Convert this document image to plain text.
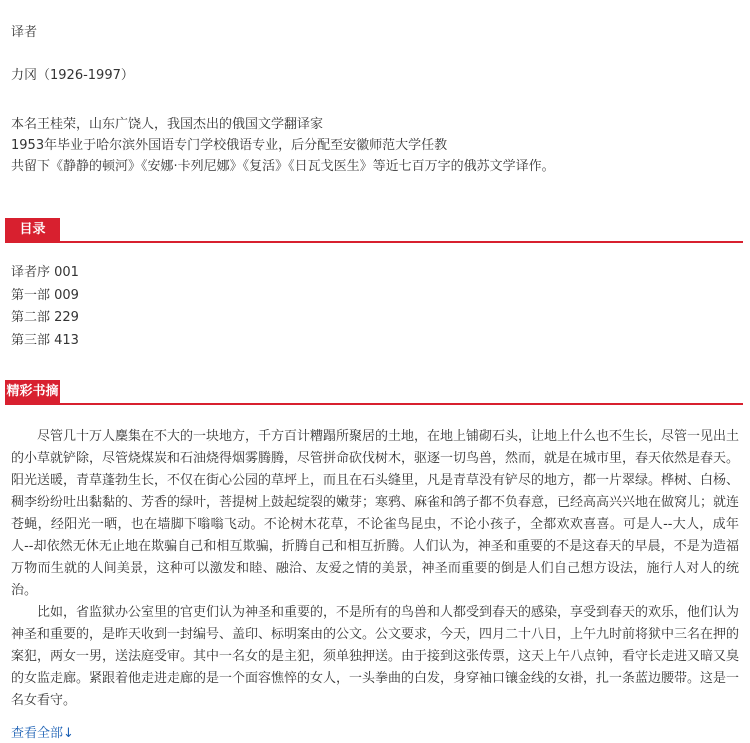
译者
力冈（1926-1997）
本名王桂荣，山东广饶人，我国杰出的俄国文学翻译家
1953年毕业于哈尔滨外国语专门学校俄语专业，后分配至安徽师范大学任教
共留下《静静的顿河》《安娜·卡列尼娜》《复活》《日瓦戈医生》等近七百万字的俄苏文学译作。
目录
译者序 001
第一部 009
第二部 229
第三部 413
精彩书摘

尽管几十万人麇集在不大的一块地方，千方百计糟蹋所聚居的土地，在地上铺砌石头，让地上什么也不生长，尽管一见出土的小草就铲除，尽管烧煤炭和石油烧得烟雾腾腾，尽管拼命砍伐树木，驱逐一切鸟兽，然而，就是在城市里，春天依然是春天。阳光送暖，青草蓬勃生长，不仅在街心公园的草坪上，而且在石头缝里，凡是青草没有铲尽的地方，都一片翠绿。桦树、白杨、稠李纷纷吐出黏黏的、芳香的绿叶，菩提树上鼓起绽裂的嫩芽；寒鸦、麻雀和鸽子都不负春意，已经高高兴兴地在做窝儿；就连苍蝇，经阳光一晒，也在墙脚下嗡嗡飞动。不论树木花草，不论雀鸟昆虫，不论小孩子，全都欢欢喜喜。可是人--大人，成年人--却依然无休无止地在欺骗自己和相互欺骗，折腾自己和相互折腾。人们认为，神圣和重要的不是这春天的早晨，不是为造福万物而生就的人间美景，这种可以激发和睦、融洽、友爱之情的美景，神圣而重要的倒是人们自己想方设法，施行人对人的统治。

比如，省监狱办公室里的官吏们认为神圣和重要的，不是所有的鸟兽和人都受到春天的感染，享受到春天的欢乐，他们认为神圣和重要的，是昨天收到一封编号、盖印、标明案由的公文。公文要求，今天，四月二十八日，上午九时前将狱中三名在押的案犯，两女一男，送法庭受审。其中一名女的是主犯，须单独押送。由于接到这张传票，这天上午八点钟，看守长走进又暗又臭的女监走廊。紧跟着他走进走廊的是一个面容憔悴的女人，一头拳曲的白发，身穿袖口镶金线的女褂，扎一条蓝边腰带。这是一名女看守。

查看全部↓
